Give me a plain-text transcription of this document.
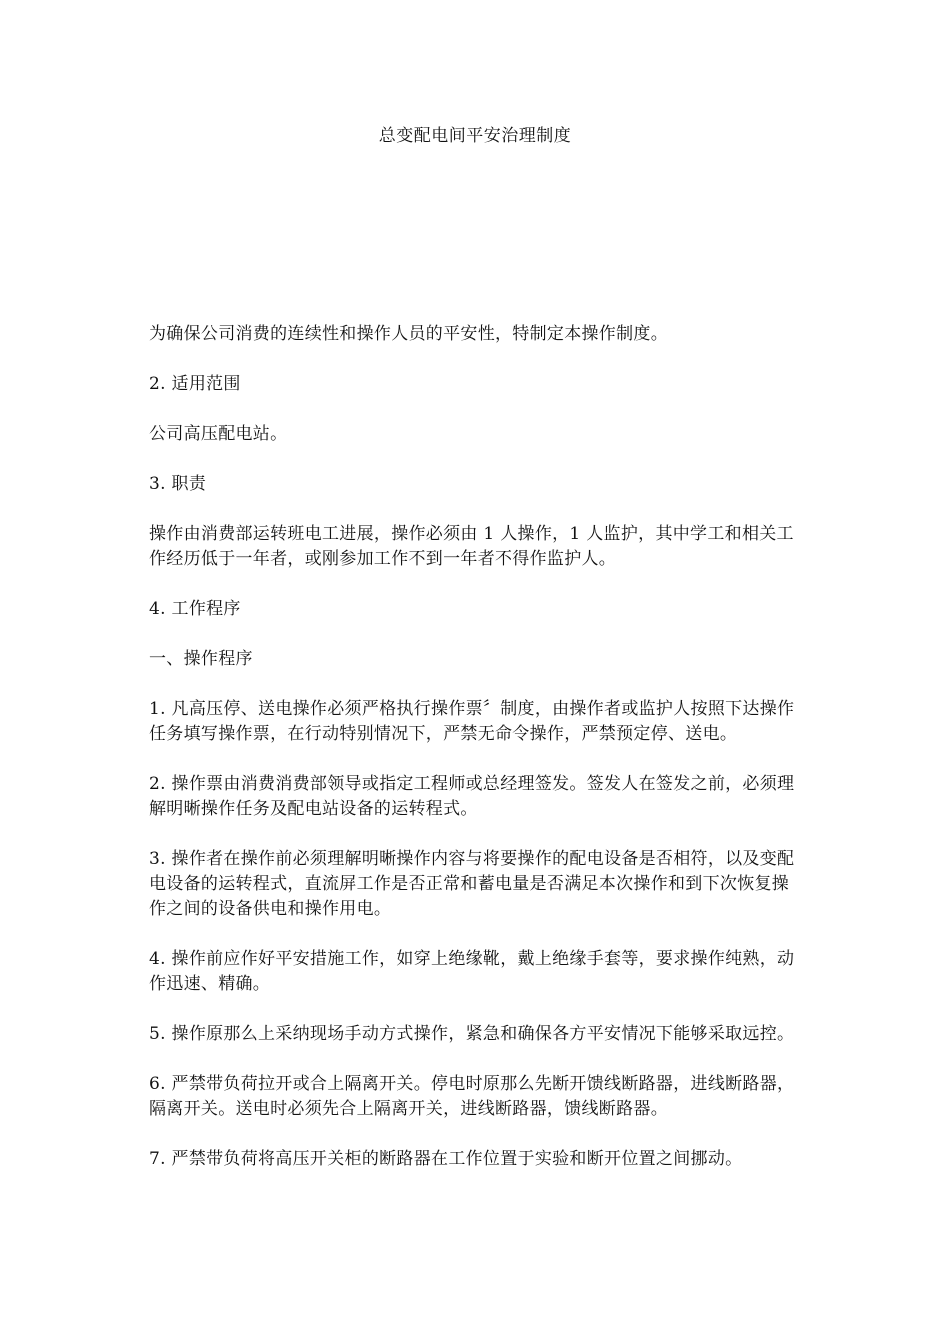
总变配电间平安治理制度

为确保公司消费的连续性和操作人员的平安性，特制定本操作制度。

2. 适用范围

公司高压配电站。

3. 职责

操作由消费部运转班电工进展，操作必须由 1 人操作，1 人监护，其中学工和相关工作经历低于一年者，或刚参加工作不到一年者不得作监护人。

4. 工作程序

一、操作程序

1. 凡高压停、送电操作必须严格执行操作票〞制度，由操作者或监护人按照下达操作任务填写操作票，在行动特别情况下，严禁无命令操作，严禁预定停、送电。

2. 操作票由消费消费部领导或指定工程师或总经理签发。签发人在签发之前，必须理解明晰操作任务及配电站设备的运转程式。

3. 操作者在操作前必须理解明晰操作内容与将要操作的配电设备是否相符，以及变配电设备的运转程式，直流屏工作是否正常和蓄电量是否满足本次操作和到下次恢复操作之间的设备供电和操作用电。

4. 操作前应作好平安措施工作，如穿上绝缘靴，戴上绝缘手套等，要求操作纯熟，动作迅速、精确。

5. 操作原那么上采纳现场手动方式操作，紧急和确保各方平安情况下能够采取远控。

6. 严禁带负荷拉开或合上隔离开关。停电时原那么先断开馈线断路器，进线断路器，隔离开关。送电时必须先合上隔离开关，进线断路器，馈线断路器。

7. 严禁带负荷将高压开关柜的断路器在工作位置于实验和断开位置之间挪动。
